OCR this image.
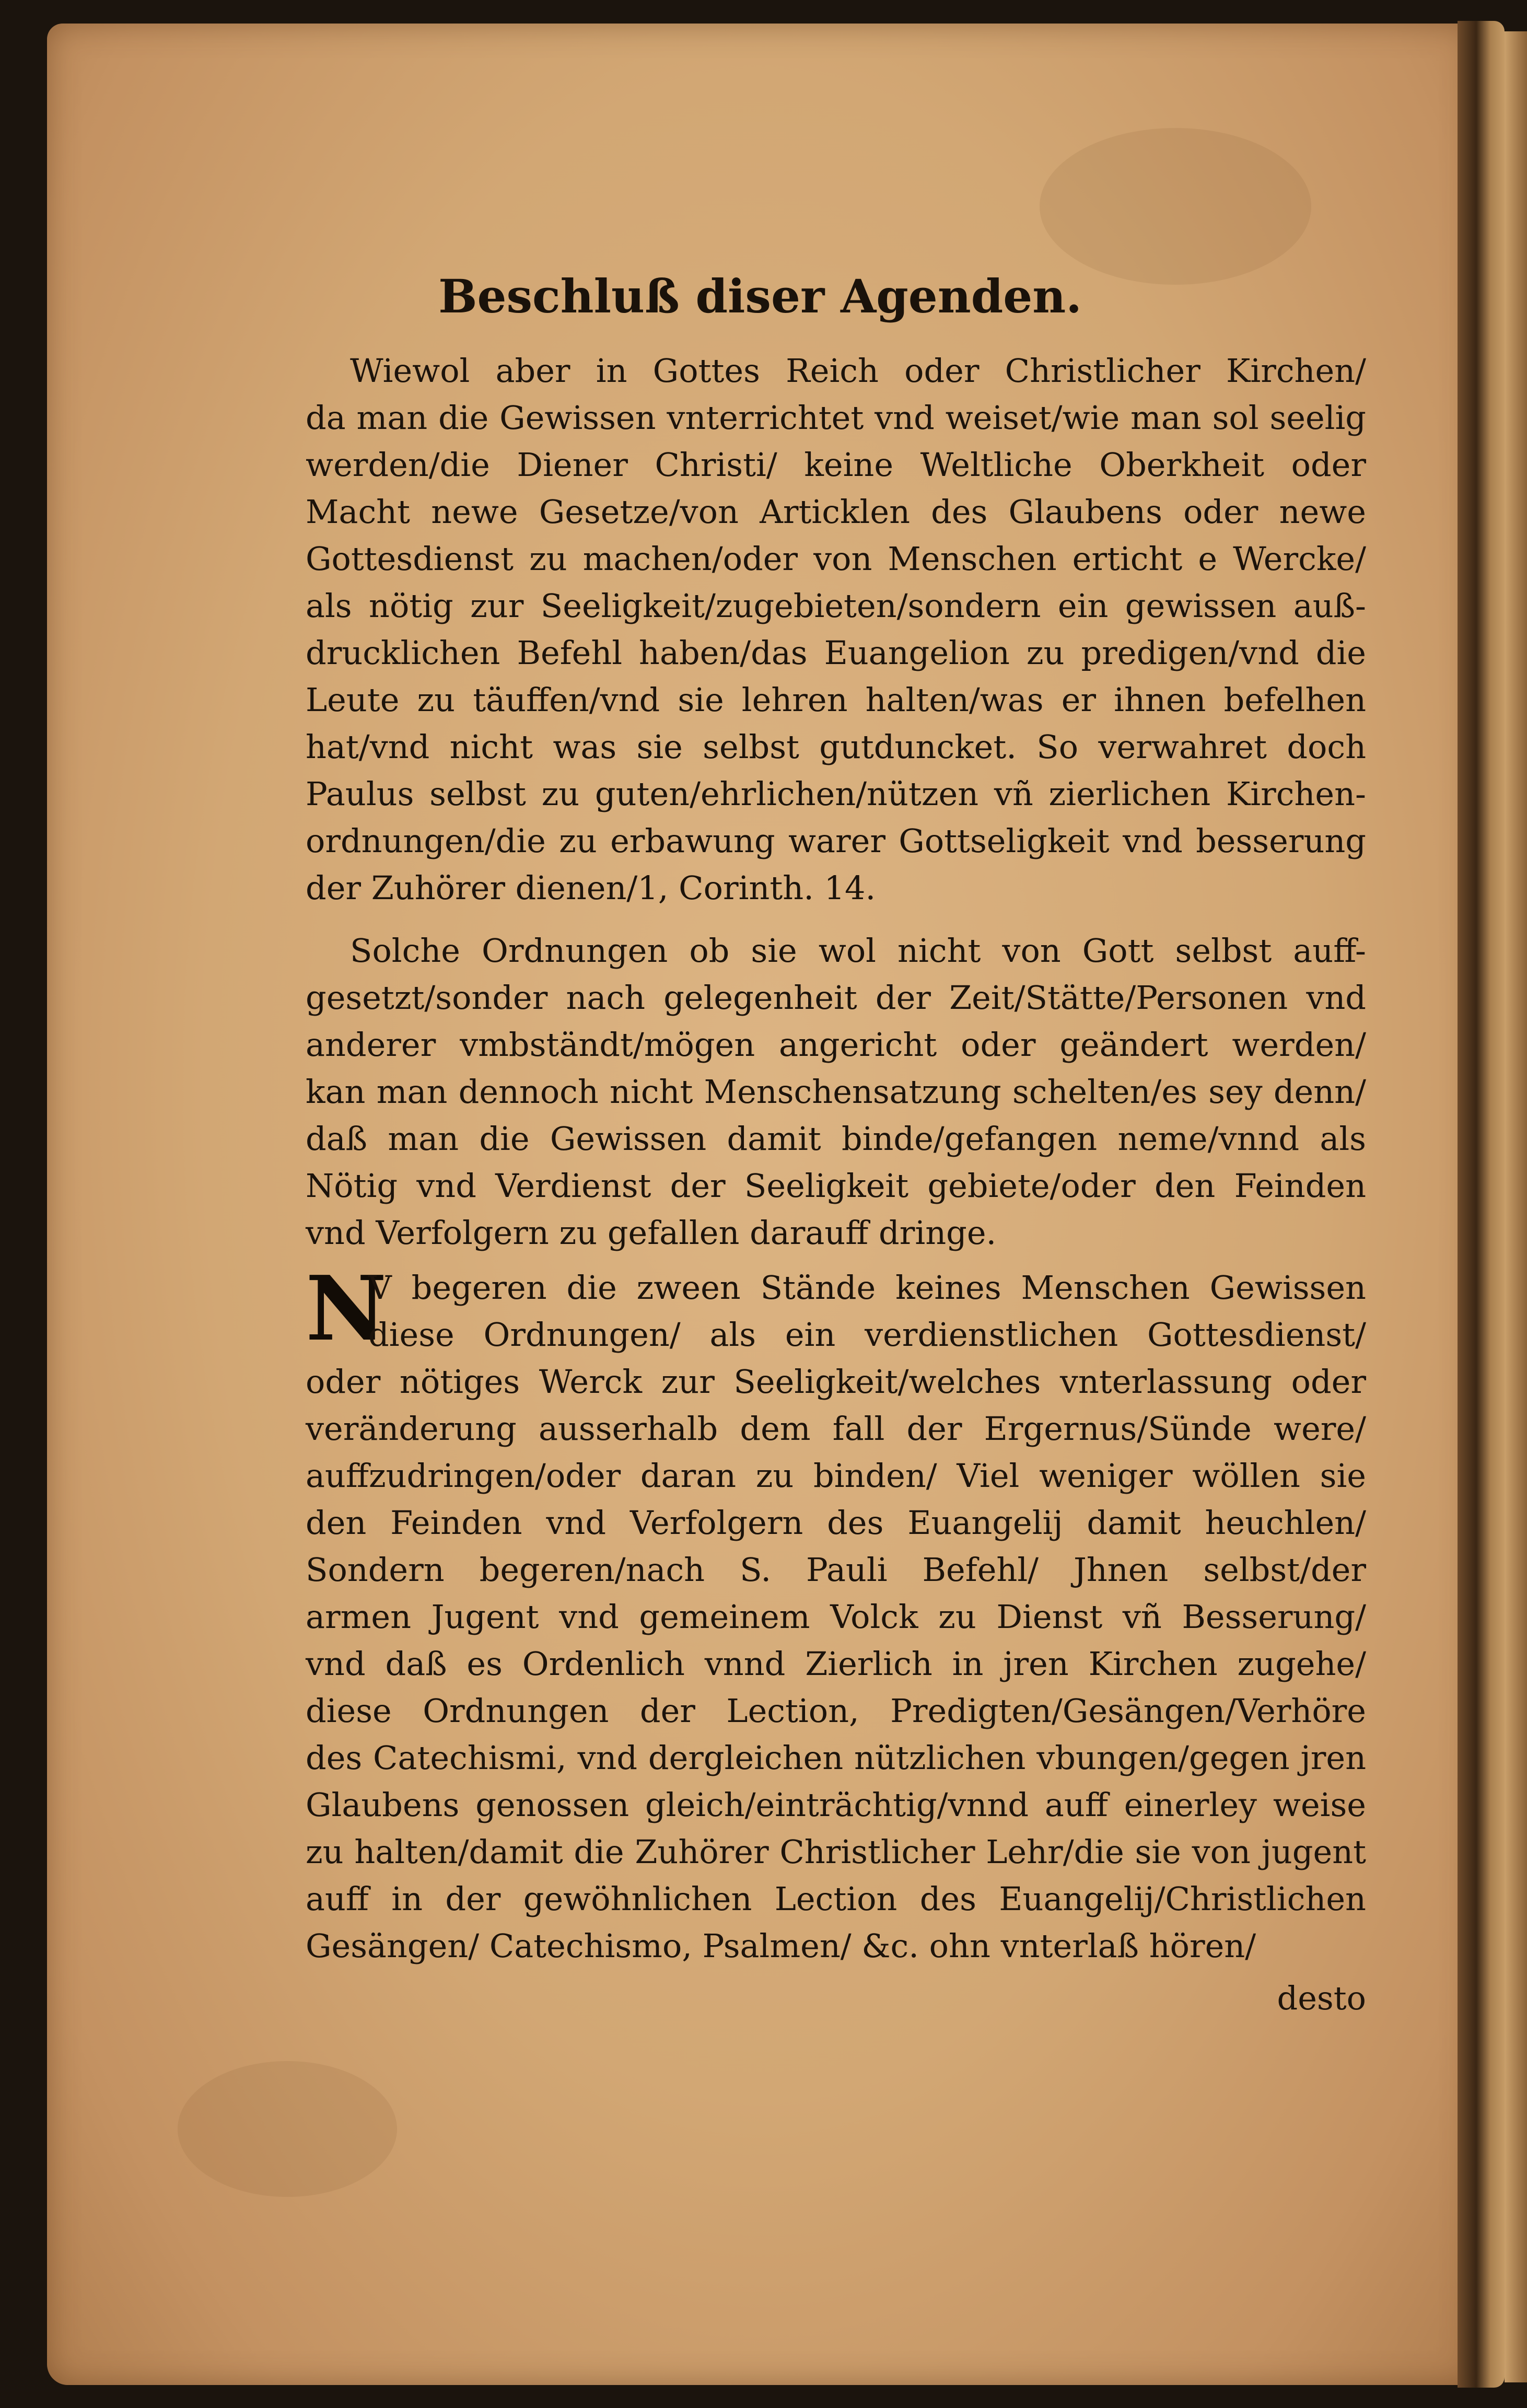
Beschluß diser Agenden.
Wiewol aber in Gottes Reich oder Christlicher Kirchen/
da man die Gewissen vnterrichtet vnd weiset/wie man sol seelig
werden/die Diener Christi/ keine Weltliche Oberkheit oder
Macht newe Gesetze/von Articklen des Glaubens oder newe
Gottesdienst zu machen/oder von Menschen erticht e Wercke/
als nötig zur Seeligkeit/zugebieten/sondern ein gewissen auß-
drucklichen Befehl haben/das Euangelion zu predigen/vnd die
Leute zu täuffen/vnd sie lehren halten/was er ihnen befelhen
hat/vnd nicht was sie selbst gutduncket. So verwahret doch
Paulus selbst zu guten/ehrlichen/nützen vñ zierlichen Kirchen-
ordnungen/die zu erbawung warer Gottseligkeit vnd besserung
der Zuhörer dienen/1, Corinth. 14.
Solche Ordnungen ob sie wol nicht von Gott selbst auff-
gesetzt/sonder nach gelegenheit der Zeit/Stätte/Personen vnd
anderer vmbständt/mögen angericht oder geändert werden/
kan man dennoch nicht Menschensatzung schelten/es sey denn/
daß man die Gewissen damit binde/gefangen neme/vnnd als
Nötig vnd Verdienst der Seeligkeit gebiete/oder den Feinden
vnd Verfolgern zu gefallen darauff dringe.
N
V begeren die zween Stände keines Menschen Gewissen
diese Ordnungen/ als ein verdienstlichen Gottesdienst/
oder nötiges Werck zur Seeligkeit/welches vnterlassung oder
veränderung ausserhalb dem fall der Ergernus/Sünde were/
auffzudringen/oder daran zu binden/ Viel weniger wöllen sie
den Feinden vnd Verfolgern des Euangelij damit heuchlen/
Sondern begeren/nach S. Pauli Befehl/ Jhnen selbst/der
armen Jugent vnd gemeinem Volck zu Dienst vñ Besserung/
vnd daß es Ordenlich vnnd Zierlich in jren Kirchen zugehe/
diese Ordnungen der Lection, Predigten/Gesängen/Verhöre
des Catechismi, vnd dergleichen nützlichen vbungen/gegen jren
Glaubens genossen gleich/einträchtig/vnnd auff einerley weise
zu halten/damit die Zuhörer Christlicher Lehr/die sie von jugent
auff in der gewöhnlichen Lection des Euangelij/Christlichen
Gesängen/ Catechismo, Psalmen/ &c. ohn vnterlaß hören/
desto
